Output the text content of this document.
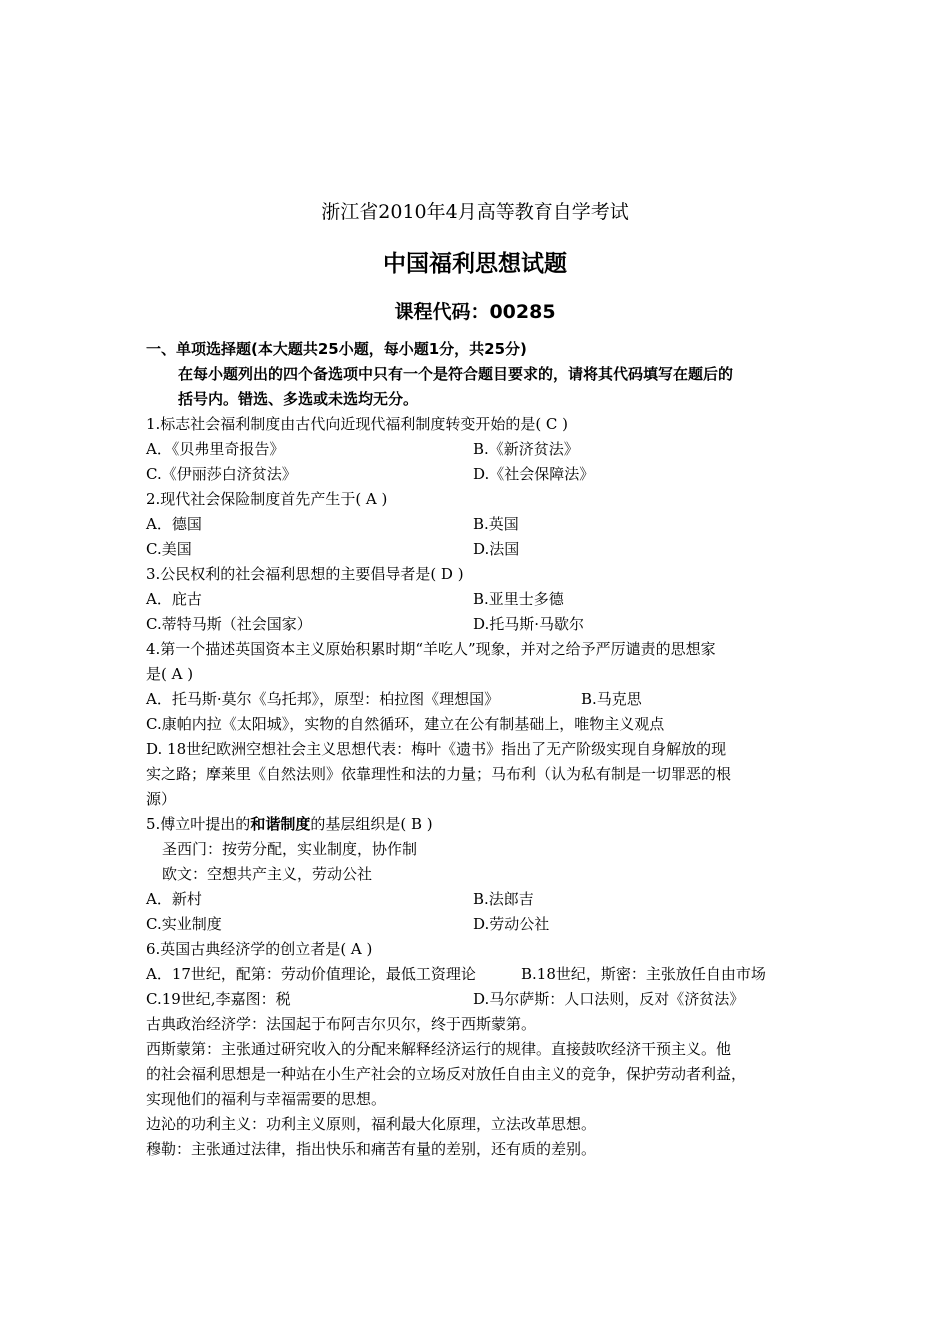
浙江省2010年4月高等教育自学考试
中国福利思想试题
课程代码：00285
一、单项选择题(本大题共25小题，每小题1分，共25分)
在每小题列出的四个备选项中只有一个是符合题目要求的，请将其代码填写在题后的
括号内。错选、多选或未选均无分。
1.标志社会福利制度由古代向近现代福利制度转变开始的是( C )
A．《贝弗里奇报告》	B.《新济贫法》
C.《伊丽莎白济贫法》	D.《社会保障法》
2.现代社会保险制度首先产生于( A )
A．德国	B.英国
C.美国	D.法国
3.公民权利的社会福利思想的主要倡导者是( D )
A．庇古	B.亚里士多德
C.蒂特马斯（社会国家）	D.托马斯·马歇尔
4.第一个描述英国资本主义原始积累时期“羊吃人”现象，并对之给予严厉谴责的思想家
是( A )
A．托马斯·莫尔《乌托邦》，原型：柏拉图《理想国》	B.马克思
C.康帕内拉《太阳城》，实物的自然循环，建立在公有制基础上，唯物主义观点
D. 18世纪欧洲空想社会主义思想代表：梅叶《遗书》指出了无产阶级实现自身解放的现
实之路；摩莱里《自然法则》依靠理性和法的力量；马布利（认为私有制是一切罪恶的根
源）
5.傅立叶提出的和谐制度的基层组织是( B )
圣西门：按劳分配，实业制度，协作制
欧文：空想共产主义，劳动公社
A．新村	B.法郎吉
C.实业制度	D.劳动公社
6.英国古典经济学的创立者是( A )
A．17世纪，配第：劳动价值理论，最低工资理论	B.18世纪，斯密：主张放任自由市场
C.19世纪,李嘉图：税	D.马尔萨斯：人口法则，反对《济贫法》
古典政治经济学：法国起于布阿吉尔贝尔，终于西斯蒙第。
西斯蒙第：主张通过研究收入的分配来解释经济运行的规律。直接鼓吹经济干预主义。他
的社会福利思想是一种站在小生产社会的立场反对放任自由主义的竞争，保护劳动者利益，
实现他们的福利与幸福需要的思想。
边沁的功利主义：功利主义原则，福利最大化原理，立法改革思想。
穆勒：主张通过法律，指出快乐和痛苦有量的差别，还有质的差别。
